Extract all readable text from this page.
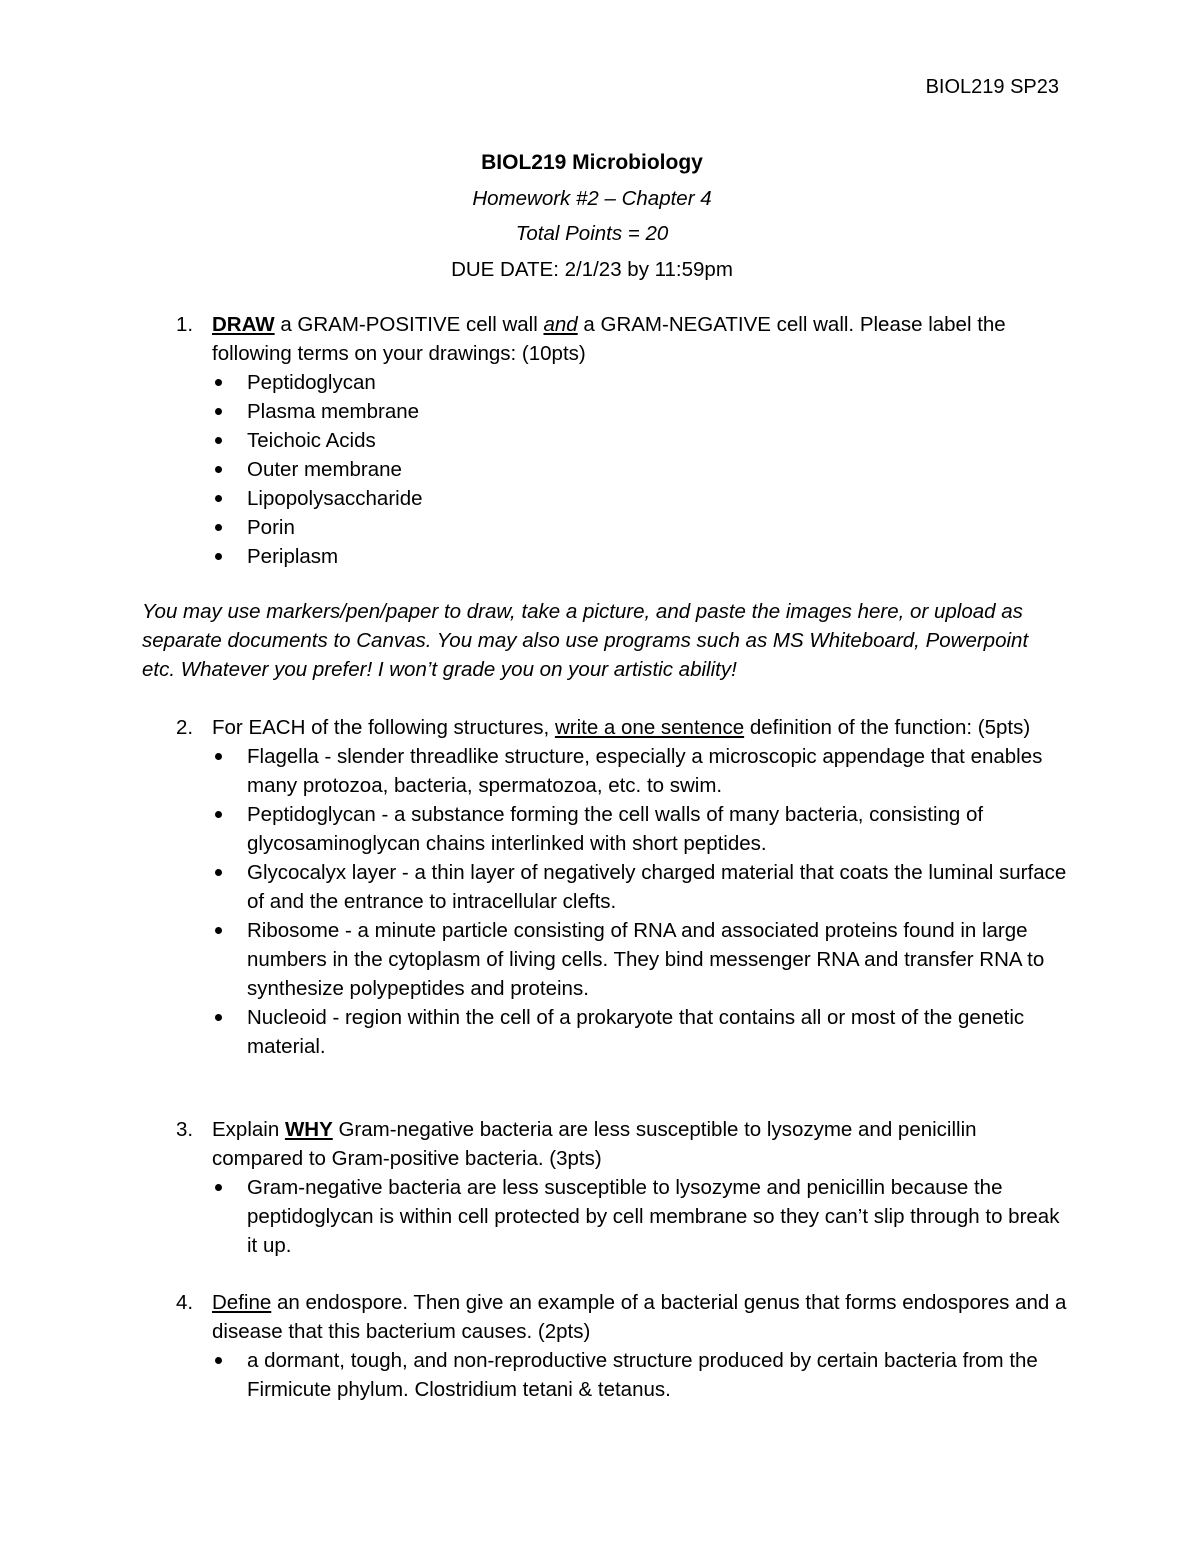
BIOL219 SP23
BIOL219 Microbiology
Homework #2 – Chapter 4
Total Points = 20
DUE DATE: 2/1/23 by 11:59pm
1. DRAW a GRAM-POSITIVE cell wall and a GRAM-NEGATIVE cell wall. Please label the following terms on your drawings: (10pts)
Peptidoglycan
Plasma membrane
Teichoic Acids
Outer membrane
Lipopolysaccharide
Porin
Periplasm
You may use markers/pen/paper to draw, take a picture, and paste the images here, or upload as separate documents to Canvas. You may also use programs such as MS Whiteboard, Powerpoint etc. Whatever you prefer! I won’t grade you on your artistic ability!
2. For EACH of the following structures, write a one sentence definition of the function: (5pts)
Flagella - slender threadlike structure, especially a microscopic appendage that enables many protozoa, bacteria, spermatozoa, etc. to swim.
Peptidoglycan - a substance forming the cell walls of many bacteria, consisting of glycosaminoglycan chains interlinked with short peptides.
Glycocalyx layer - a thin layer of negatively charged material that coats the luminal surface of and the entrance to intracellular clefts.
Ribosome - a minute particle consisting of RNA and associated proteins found in large numbers in the cytoplasm of living cells. They bind messenger RNA and transfer RNA to synthesize polypeptides and proteins.
Nucleoid - region within the cell of a prokaryote that contains all or most of the genetic material.
3. Explain WHY Gram-negative bacteria are less susceptible to lysozyme and penicillin compared to Gram-positive bacteria. (3pts)
Gram-negative bacteria are less susceptible to lysozyme and penicillin because the peptidoglycan is within cell protected by cell membrane so they can’t slip through to break it up.
4. Define an endospore. Then give an example of a bacterial genus that forms endospores and a disease that this bacterium causes. (2pts)
a dormant, tough, and non-reproductive structure produced by certain bacteria from the Firmicute phylum. Clostridium tetani & tetanus.
